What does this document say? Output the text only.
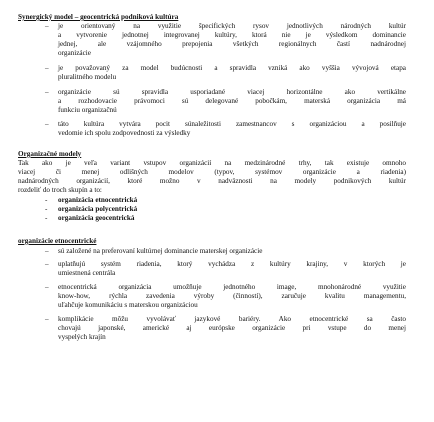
Synergický model – geocentrická podniková kultúra
– je orientovaný na využitie špecifických rysov jednotlivých národných kultúr
a vytvorenie jednotnej integrovanej kultúry, ktorá nie je výsledkom dominancie
jednej, ale vzájomného prepojenia všetkých regionálnych častí nadnárodnej
organizácie
– je považovaný za model budúcnosti a spravidla vzniká ako vyššia vývojová etapa
pluralitného modelu
– organizácie sú spravidla usporiadané viacej horizontálne ako vertikálne
a rozhodovacie právomoci sú delegované pobočkám, materská organizácia má
funkciu organizačnú
– táto kultúra vytvára pocit súnaležitosti zamestnancov s organizáciou a posilňuje
vedomie ich spolu zodpovednosti za výsledky
Organizačné modely
Tak ako je veľa variant vstupov organizácií na medzinárodné trhy, tak existuje omnoho
viacej či menej odlišných modelov (typov, systémov organizácie a riadenia)
nadnárodných organizácií, ktoré možno v nadväznosti na modely podnikových kultúr
rozdeliť do troch skupín a to:
- organizácia etnocentrická
- organizácia polycentrická
- organizácia geocentrická
organizácie etnocentrické
– sú založené na preferovaní kultúrnej dominancie materskej organizácie
– uplatňujú systém riadenia, ktorý vychádza z kultúry krajiny, v ktorých je
umiestnená centrála
– etnocentrická organizácia umožňuje jednotného image, mnohonárodné využitie
know-how, rýchla zavedenia výroby (činností), zaručuje kvalitu managementu,
uľahčuje komunikáciu s materskou organizáciou
– komplikácie môžu vyvolávať jazykové bariéry. Ako etnocentrické sa často
chovajú japonské, americké aj európske organizácie pri vstupe do menej
vyspelých krajín
